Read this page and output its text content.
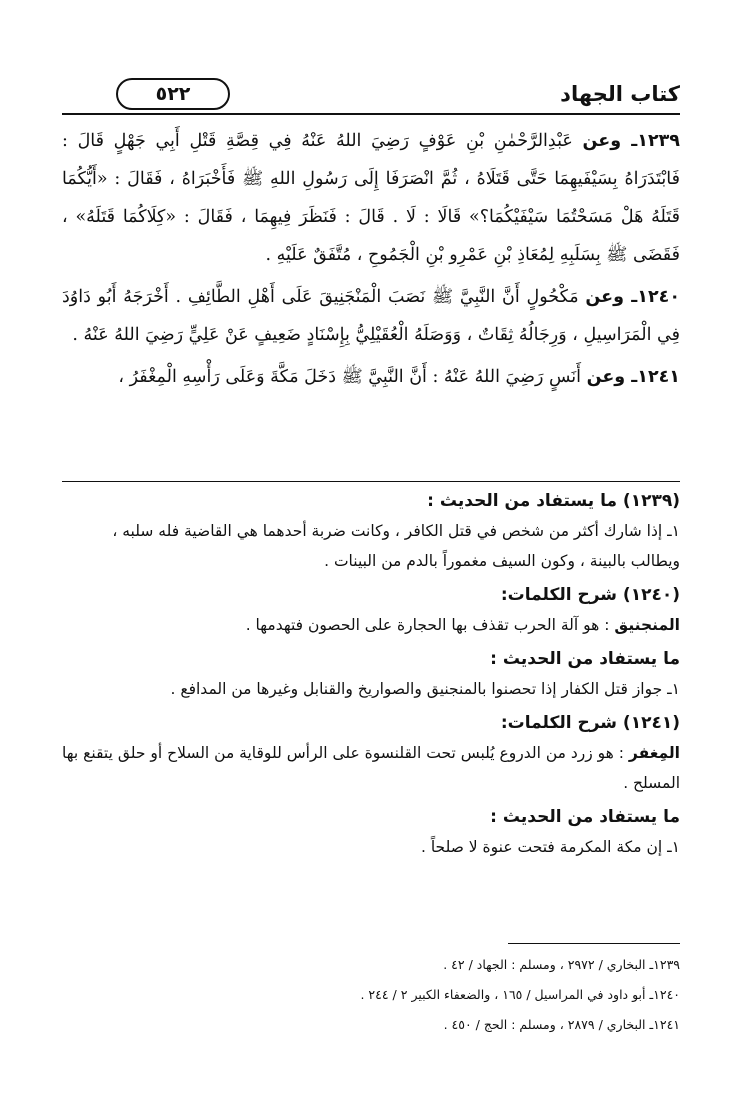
كتاب الجهاد
٥٢٢

١٢٣٩ـ وعن عَبْدِالرَّحْمٰنِ بْنِ عَوْفٍ رَضِيَ اللهُ عَنْهُ فِي قِصَّةِ قَتْلِ أَبِي جَهْلٍ قَالَ : فَابْتَدَرَاهُ بِسَيْفَيهِمَا حَتَّى قَتَلَاهُ ، ثُمَّ انْصَرَفَا إِلَى رَسُولِ اللهِ ﷺ فَأَخْبَرَاهُ ، فَقَالَ : «أَيُّكُمَا قَتَلَهُ هَلْ مَسَحْتُمَا سَيْفَيْكُمَا؟» قَالَا : لَا . قَالَ : فَنَظَرَ فِيهِمَا ، فَقَالَ : «كِلَاكُمَا قَتَلَهُ» ، فَقَضَى ﷺ بِسَلَبِهِ لِمُعَاذِ بْنِ عَمْرِو بْنِ الْجَمُوحِ ، مُتَّفَقٌ عَلَيْهِ .

١٢٤٠ـ وعن مَكْحُولٍ أَنَّ النَّبِيَّ ﷺ نَصَبَ الْمَنْجَنِيقَ عَلَى أَهْلِ الطَّائِفِ . أَخْرَجَهُ أَبُو دَاوُدَ فِي الْمَرَاسِيلِ ، وَرِجَالُهُ ثِقَاتٌ ، وَوَصَلَهُ الْعُقَيْلِيُّ بِإِسْنَادٍ ضَعِيفٍ عَنْ عَلِيٍّ رَضِيَ اللهُ عَنْهُ .

١٢٤١ـ وعن أَنَسٍ رَضِيَ اللهُ عَنْهُ : أَنَّ النَّبِيَّ ﷺ دَخَلَ مَكَّةَ وَعَلَى رَأْسِهِ الْمِغْفَرُ ،

(١٢٣٩) ما يستفاد من الحديث :

١ـ إذا شارك أكثر من شخص في قتل الكافر ، وكانت ضربة أحدهما هي القاضية فله سلبه ، ويطالب بالبينة ، وكون السيف مغموراً بالدم من البينات .

(١٢٤٠) شرح الكلمات:

المنجنيق : هو آلة الحرب تقذف بها الحجارة على الحصون فتهدمها .

ما يستفاد من الحديث :

١ـ جواز قتل الكفار إذا تحصنوا بالمنجنيق والصواريخ والقنابل وغيرها من المدافع .

(١٢٤١) شرح الكلمات:

المِغفر : هو زرد من الدروع يُلبس تحت القلنسوة على الرأس للوقاية من السلاح أو حلق يتقنع بها المسلح .

ما يستفاد من الحديث :

١ـ إن مكة المكرمة فتحت عنوة لا صلحاً .

١٢٣٩ـ البخاري / ٢٩٧٢ ، ومسلم : الجهاد / ٤٢ .

١٢٤٠ـ أبو داود في المراسيل / ١٦٥ ، والضعفاء الكبير ٢ / ٢٤٤ .

١٢٤١ـ البخاري / ٢٨٧٩ ، ومسلم : الحج / ٤٥٠ .
